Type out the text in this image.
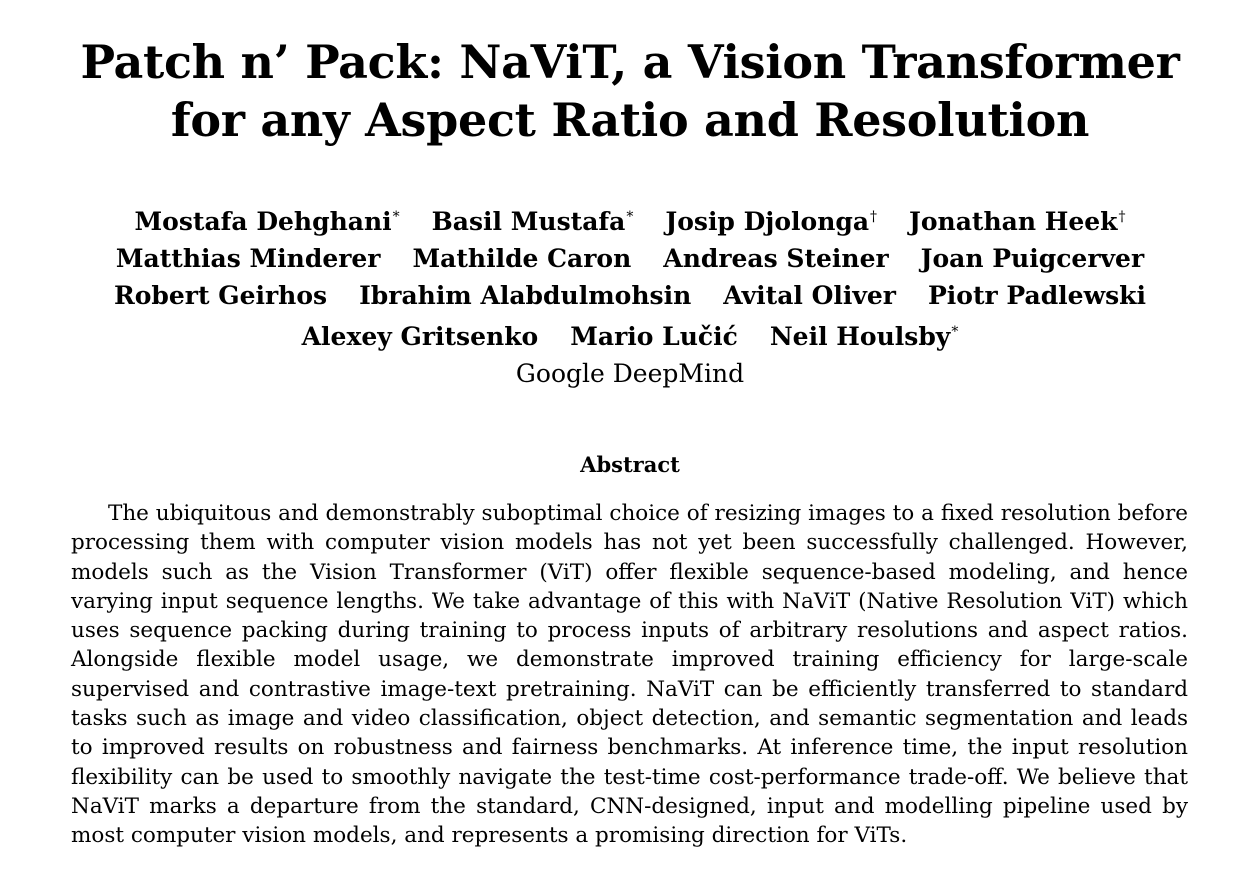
Patch n’ Pack: NaViT, a Vision Transformer
for any Aspect Ratio and Resolution
Mostafa Dehghani* Basil Mustafa* Josip Djolonga† Jonathan Heek†
Matthias Minderer Mathilde Caron Andreas Steiner Joan Puigcerver
Robert Geirhos Ibrahim Alabdulmohsin Avital Oliver Piotr Padlewski
Alexey Gritsenko Mario Lučić Neil Houlsby*
Google DeepMind
Abstract
The ubiquitous and demonstrably suboptimal choice of resizing images to a fixed resolution before processing them with computer vision models has not yet been successfully challenged. However, models such as the Vision Transformer (ViT) offer flexible sequence-based modeling, and hence varying input sequence lengths. We take advantage of this with NaViT (Native Resolution ViT) which uses sequence packing during training to process inputs of arbitrary resolutions and aspect ratios. Alongside flexible model usage, we demonstrate improved training efficiency for large-scale supervised and contrastive image-text pretraining. NaViT can be efficiently transferred to standard tasks such as image and video classification, object detection, and semantic segmentation and leads to improved results on robustness and fairness benchmarks. At inference time, the input resolution flexibility can be used to smoothly navigate the test-time cost-performance trade-off. We believe that NaViT marks a departure from the standard, CNN-designed, input and modelling pipeline used by most computer vision models, and represents a promising direction for ViTs.
